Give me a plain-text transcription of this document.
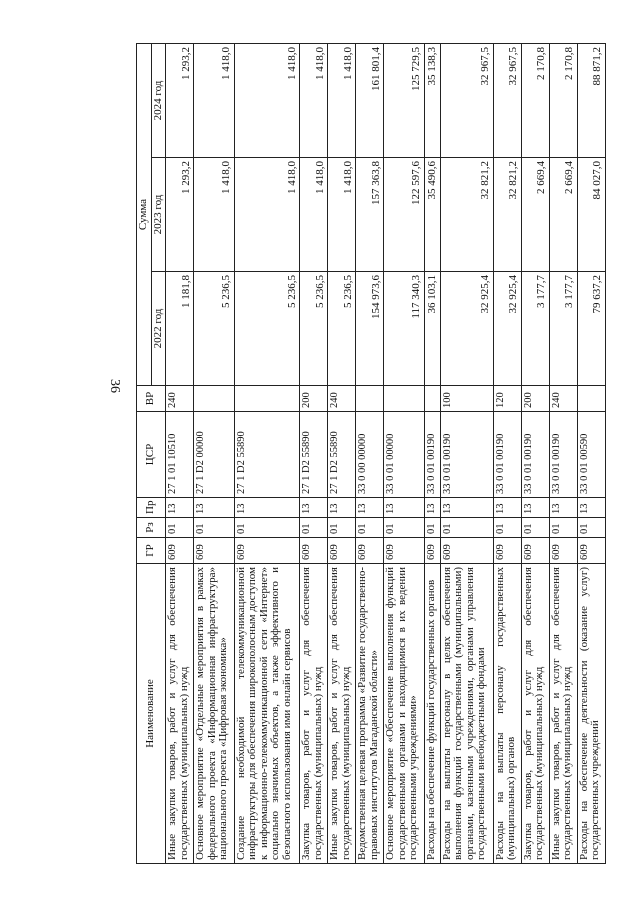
36
Наименование	ГР	Рз	Пр	ЦСР	ВР	Сумма		
						2022 год	2023 год	2024 год
Иные закупки товаров, работ и услуг для обеспечения государственных (муниципальных) нужд	609	01	13	27 1 01 10510	240	1 181,8	1 293,2	1 293,2
Основное мероприятие «Отдельные мероприятия в рамках федерального проекта «Информационная инфраструктура» национального проекта «Цифровая экономика»	609	01	13	27 1 D2 00000		5 236,5	1 418,0	1 418,0
Создание необходимой телекоммуникационной инфраструктуры для обеспечения широкополосным доступом к информационно-телекоммуникационной сети «Интернет» социально значимых объектов, а также эффективного и безопасного использования ими онлайн сервисов	609	01	13	27 1 D2 55890		5 236,5	1 418,0	1 418,0
Закупка товаров, работ и услуг для обеспечения государственных (муниципальных) нужд	609	01	13	27 1 D2 55890	200	5 236,5	1 418,0	1 418,0
Иные закупки товаров, работ и услуг для обеспечения государственных (муниципальных) нужд	609	01	13	27 1 D2 55890	240	5 236,5	1 418,0	1 418,0
Ведомственная целевая программа «Развитие государственно-правовых институтов Магаданской области»	609	01	13	33 0 00 00000		154 973,6	157 363,8	161 801,4
Основное мероприятие «Обеспечение выполнения функций государственными органами и находящимися в их ведении государственными учреждениями»	609	01	13	33 0 01 00000		117 340,3	122 597,6	125 729,5
Расходы на обеспечение функций государственных органов	609	01	13	33 0 01 00190		36 103,1	35 490,6	35 138,3
Расходы на выплаты персоналу в целях обеспечения выполнения функций государственными (муниципальными) органами, казенными учреждениями, органами управления государственными внебюджетными фондами	609	01	13	33 0 01 00190	100	32 925,4	32 821,2	32 967,5
Расходы на выплаты персоналу государственных (муниципальных) органов	609	01	13	33 0 01 00190	120	32 925,4	32 821,2	32 967,5
Закупка товаров, работ и услуг для обеспечения государственных (муниципальных) нужд	609	01	13	33 0 01 00190	200	3 177,7	2 669,4	2 170,8
Иные закупки товаров, работ и услуг для обеспечения государственных (муниципальных) нужд	609	01	13	33 0 01 00190	240	3 177,7	2 669,4	2 170,8
Расходы на обеспечение деятельности (оказание услуг) государственных учреждений	609	01	13	33 0 01 00590		79 637,2	84 027,0	88 871,2
